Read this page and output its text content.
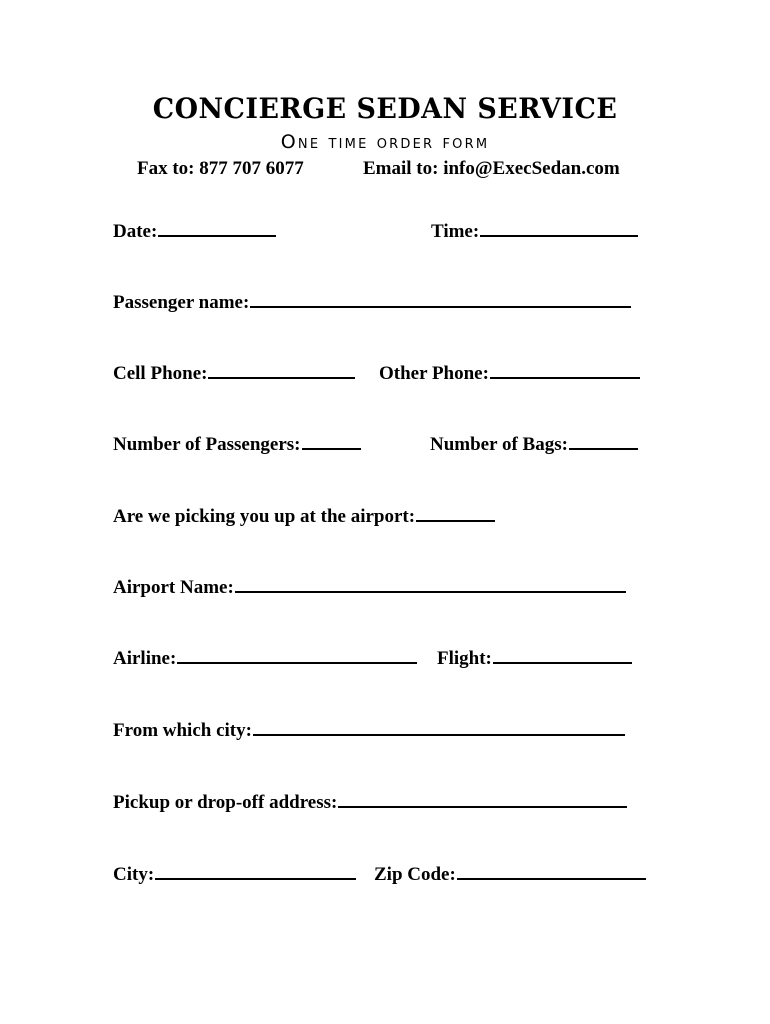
CONCIERGE SEDAN SERVICE
One time order form
Fax to: 877 707 6077	Email to: info@ExecSedan.com
Date:	Time:
Passenger name:
Cell Phone:	Other Phone:
Number of Passengers:	Number of Bags:
Are we picking you up at the airport:
Airport Name:
Airline:	Flight:
From which city:
Pickup or drop-off address:
City:	Zip Code:
